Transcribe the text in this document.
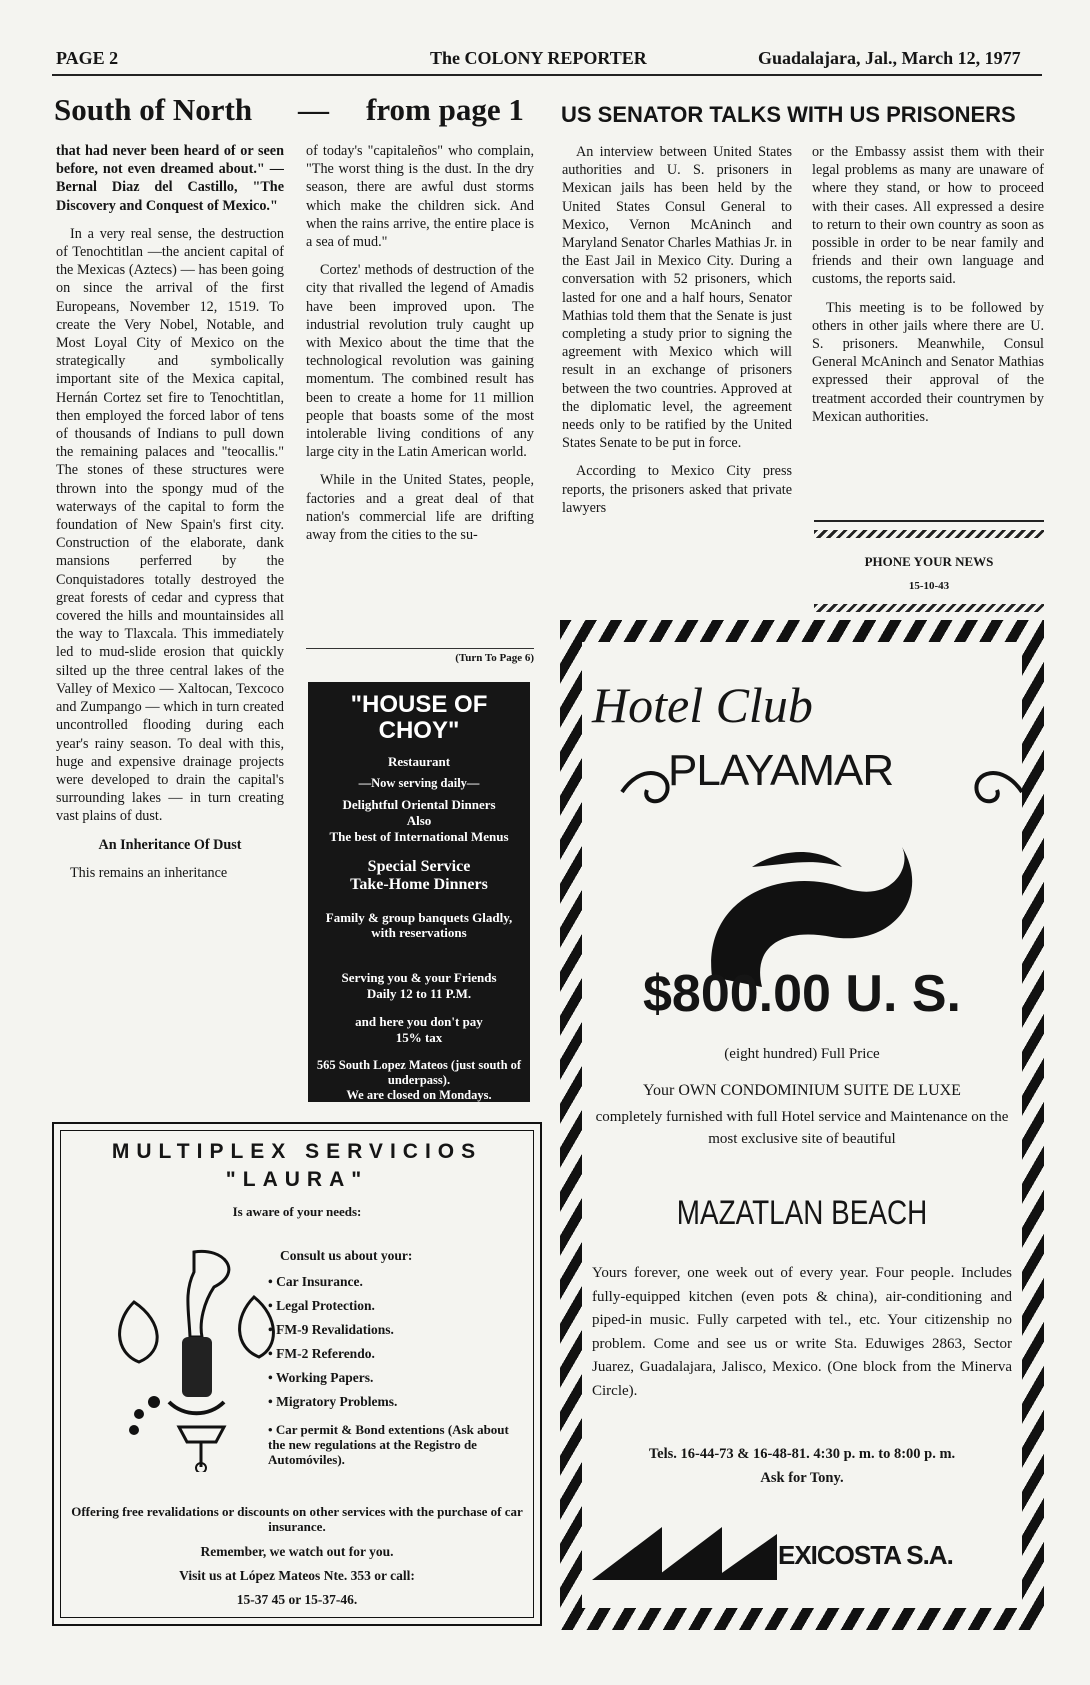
PAGE 2	The COLONY REPORTER	Guadalajara, Jal., March 12, 1977
South of North — from page 1

that had never been heard of or seen before, not even dreamed about." — Bernal Diaz del Castillo, "The Discovery and Conquest of Mexico."

In a very real sense, the destruction of Tenochtitlan —the ancient capital of the Mexicas (Aztecs) — has been going on since the arrival of the first Europeans, November 12, 1519. To create the Very Nobel, Notable, and Most Loyal City of Mexico on the strategically and symbolically important site of the Mexica capital, Hernán Cortez set fire to Tenochtitlan, then employed the forced labor of tens of thousands of Indians to pull down the remaining palaces and "teocallis." The stones of these structures were thrown into the spongy mud of the waterways of the capital to form the foundation of New Spain's first city. Construction of the elaborate, dank mansions perferred by the Conquistadores totally destroyed the great forests of cedar and cypress that covered the hills and mountainsides all the way to Tlaxcala. This immediately led to mud-slide erosion that quickly silted up the three central lakes of the Valley of Mexico — Xaltocan, Texcoco and Zumpango — which in turn created uncontrolled flooding during each year's rainy season. To deal with this, huge and expensive drainage projects were developed to drain the capital's surrounding lakes — in turn creating vast plains of dust.

An Inheritance Of Dust

This remains an inheritance

of today's "capitaleños" who complain, "The worst thing is the dust. In the dry season, there are awful dust storms which make the children sick. And when the rains arrive, the entire place is a sea of mud."

Cortez' methods of destruction of the city that rivalled the legend of Amadis have been improved upon. The industrial revolution truly caught up with Mexico about the time that the technological revolution was gaining momentum. The combined result has been to create a home for 11 million people that boasts some of the most intolerable living conditions of any large city in the Latin American world.

While in the United States, people, factories and a great deal of that nation's commercial life are drifting away from the cities to the su-

(Turn To Page 6)
"HOUSE OF
CHOY"
Restaurant
—Now serving daily—
Delightful Oriental Dinners
Also
The best of International Menus
Special Service
Take-Home Dinners
Family & group banquets Gladly, with reservations
Serving you & your Friends
Daily 12 to 11 P.M.
and here you don't pay
15% tax
565 South Lopez Mateos (just south of underpass).
We are closed on Mondays.
US SENATOR TALKS WITH US PRISONERS

An interview between United States authorities and U. S. prisoners in Mexican jails has been held by the United States Consul General to Mexico, Vernon McAninch and Maryland Senator Charles Mathias Jr. in the East Jail in Mexico City. During a conversation with 52 prisoners, which lasted for one and a half hours, Senator Mathias told them that the Senate is just completing a study prior to signing the agreement with Mexico which will result in an exchange of prisoners between the two countries. Approved at the diplomatic level, the agreement needs only to be ratified by the United States Senate to be put in force.

According to Mexico City press reports, the prisoners asked that private lawyers

or the Embassy assist them with their legal problems as many are unaware of where they stand, or how to proceed with their cases. All expressed a desire to return to their own country as soon as possible in order to be near family and friends and their own language and customs, the reports said.

This meeting is to be followed by others in other jails where there are U. S. prisoners. Meanwhile, Consul General McAninch and Senator Mathias expressed their approval of the treatment accorded their countrymen by Mexican authorities.

PHONE YOUR NEWS
15-10-43
Hotel Club
PLAYAMAR
$800.00 U. S.
(eight hundred) Full Price
Your OWN CONDOMINIUM SUITE DE LUXE
completely furnished with full Hotel service and Maintenance on the most exclusive site of beautiful
MAZATLAN BEACH
Yours forever, one week out of every year. Four people. Includes fully-equipped kitchen (even pots & china), air-conditioning and piped-in music. Fully carpeted with tel., etc. Your citizenship no problem. Come and see us or write Sta. Eduwiges 2863, Sector Juarez, Guadalajara, Jalisco, Mexico. (One block from the Minerva Circle).
Tels. 16-44-73 & 16-48-81. 4:30 p. m. to 8:00 p. m.
Ask for Tony.
EXICOSTA S.A.
MULTIPLEX SERVICIOS
"LAURA"
Is aware of your needs:
Consult us about your:
• Car Insurance.
• Legal Protection.
• FM-9 Revalidations.
• FM-2 Referendo.
• Working Papers.
• Migratory Problems.
• Car permit & Bond extentions (Ask about the new regulations at the Registro de Automóviles).
Offering free revalidations or discounts on other services with the purchase of car insurance.
Remember, we watch out for you.
Visit us at López Mateos Nte. 353 or call:
15-37 45 or 15-37-46.
